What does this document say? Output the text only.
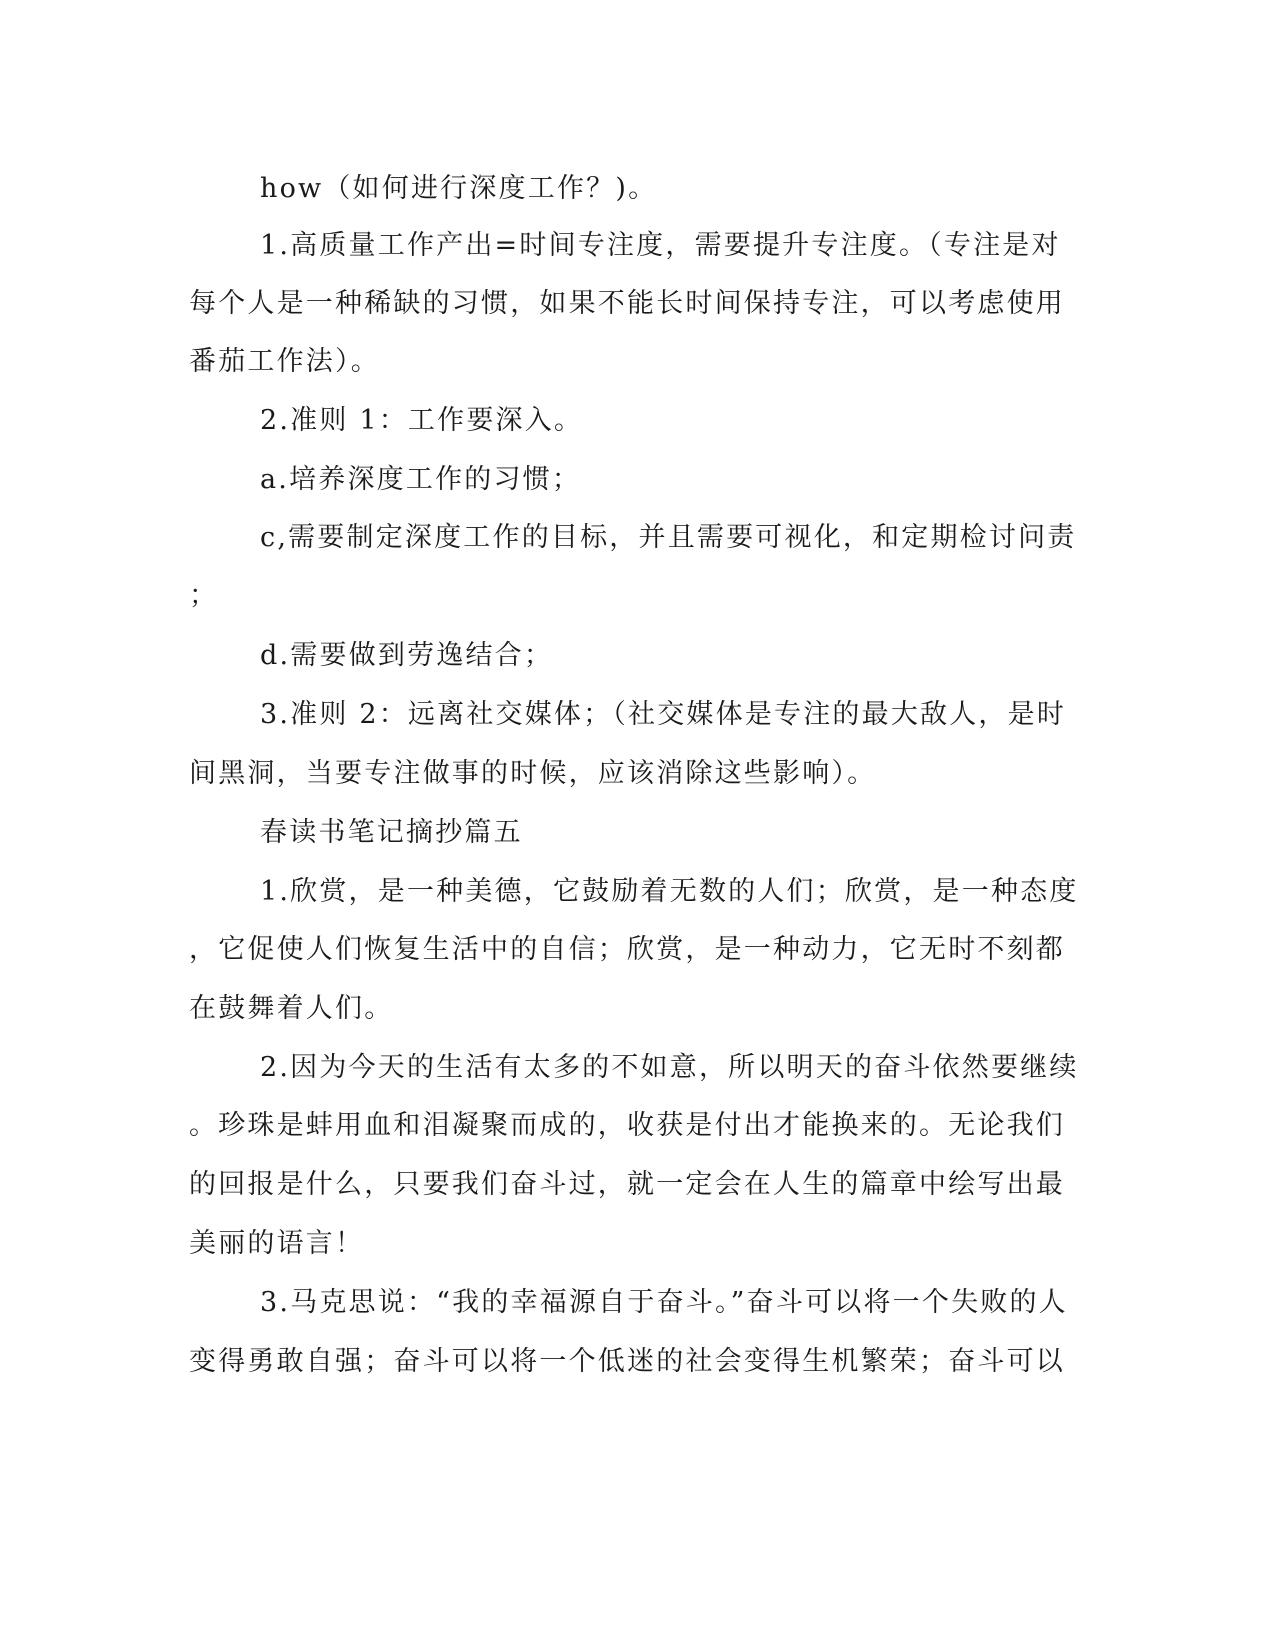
how（如何进行深度工作？)。
1.高质量工作产出=时间专注度，需要提升专注度。（专注是对
每个人是一种稀缺的习惯，如果不能长时间保持专注，可以考虑使用
番茄工作法）。
2.准则 1：工作要深入。
a.培养深度工作的习惯；
c,需要制定深度工作的目标，并且需要可视化，和定期检讨问责
；
d.需要做到劳逸结合；
3.准则 2：远离社交媒体；（社交媒体是专注的最大敌人，是时
间黑洞，当要专注做事的时候，应该消除这些影响）。
春读书笔记摘抄篇五
1.欣赏，是一种美德，它鼓励着无数的人们；欣赏，是一种态度
，它促使人们恢复生活中的自信；欣赏，是一种动力，它无时不刻都
在鼓舞着人们。
2.因为今天的生活有太多的不如意，所以明天的奋斗依然要继续
。珍珠是蚌用血和泪凝聚而成的，收获是付出才能换来的。无论我们
的回报是什么，只要我们奋斗过，就一定会在人生的篇章中绘写出最
美丽的语言！
3.马克思说：“我的幸福源自于奋斗。”奋斗可以将一个失败的人
变得勇敢自强；奋斗可以将一个低迷的社会变得生机繁荣；奋斗可以
